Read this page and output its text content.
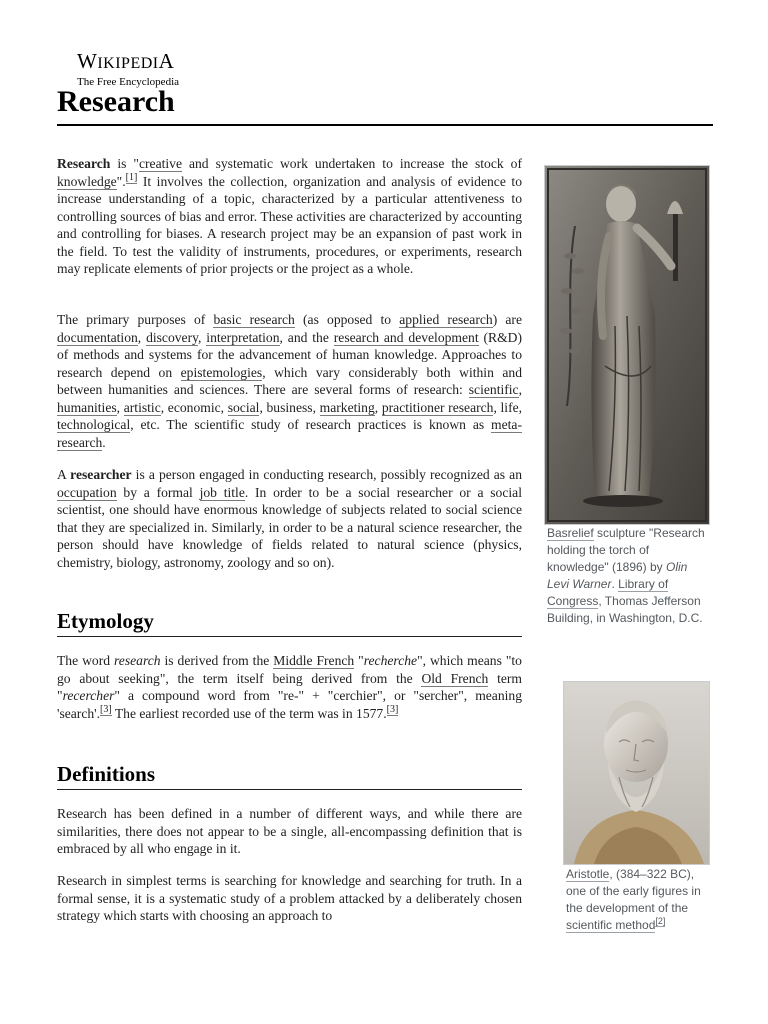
WIKIPEDIA
The Free Encyclopedia
Research

Research is "creative and systematic work undertaken to increase the stock of knowledge".[1] It involves the collection, organization and analysis of evidence to increase understanding of a topic, characterized by a particular attentiveness to controlling sources of bias and error. These activities are characterized by accounting and controlling for biases. A research project may be an expansion of past work in the field. To test the validity of instruments, procedures, or experiments, research may replicate elements of prior projects or the project as a whole.

The primary purposes of basic research (as opposed to applied research) are documentation, discovery, interpretation, and the research and development (R&D) of methods and systems for the advancement of human knowledge. Approaches to research depend on epistemologies, which vary considerably both within and between humanities and sciences. There are several forms of research: scientific, humanities, artistic, economic, social, business, marketing, practitioner research, life, technological, etc. The scientific study of research practices is known as meta-research.

A researcher is a person engaged in conducting research, possibly recognized as an occupation by a formal job title. In order to be a social researcher or a social scientist, one should have enormous knowledge of subjects related to social science that they are specialized in. Similarly, in order to be a natural science researcher, the person should have knowledge of fields related to natural science (physics, chemistry, biology, astronomy, zoology and so on).

Etymology

The word research is derived from the Middle French "recherche", which means "to go about seeking", the term itself being derived from the Old French term "recercher" a compound word from "re-" + "cerchier", or "sercher", meaning 'search'.[3] The earliest recorded use of the term was in 1577.[3]

Definitions

Research has been defined in a number of different ways, and while there are similarities, there does not appear to be a single, all-encompassing definition that is embraced by all who engage in it.

Research in simplest terms is searching for knowledge and searching for truth. In a formal sense, it is a systematic study of a problem attacked by a deliberately chosen strategy which starts with choosing an approach to

Basrelief sculpture "Research holding the torch of knowledge" (1896) by Olin Levi Warner. Library of Congress, Thomas Jefferson Building, in Washington, D.C.
Aristotle, (384–322 BC), one of the early figures in the development of the scientific method[2]
